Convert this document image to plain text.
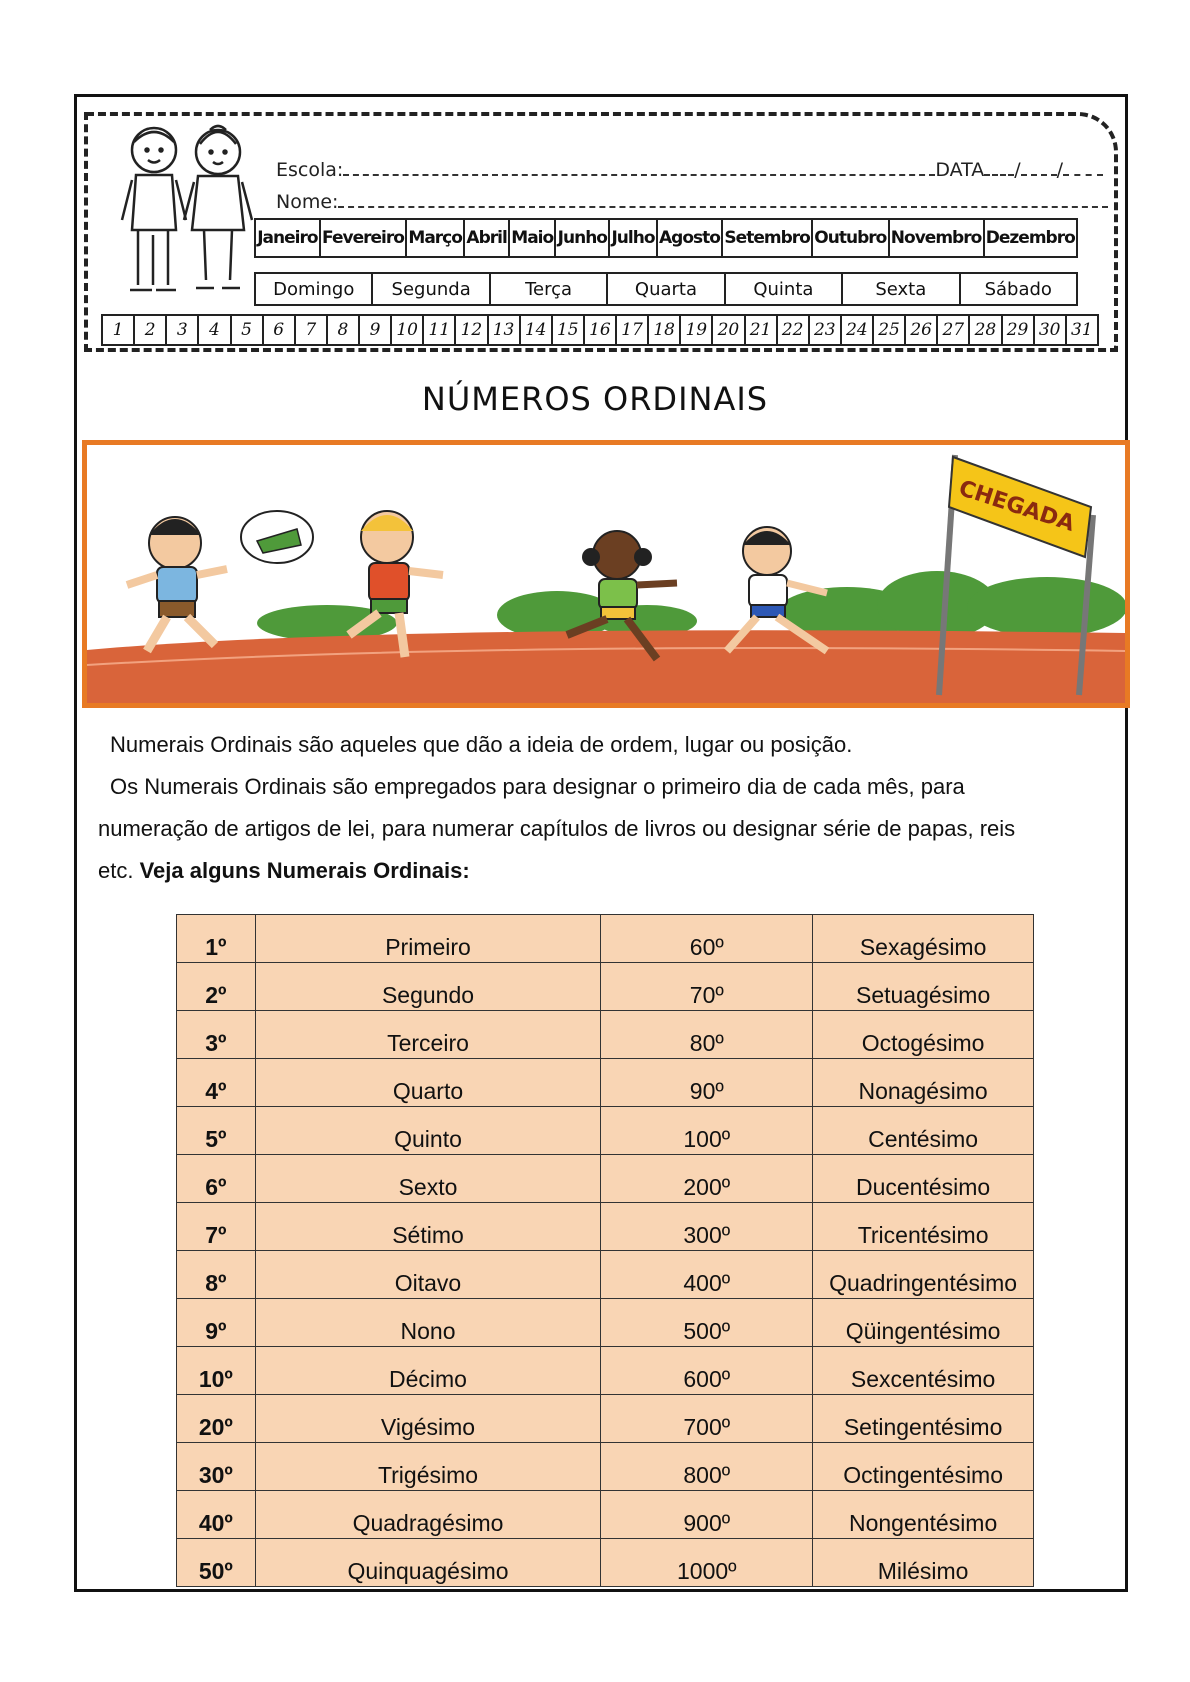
Escola:	DATA / /
Nome:
Janeiro Fevereiro Março Abril Maio Junho Julho Agosto Setembro Outubro Novembro Dezembro
Domingo	Segunda	Terça	Quarta	Quinta	Sexta	Sábado
1	2	3	4	5	6	7	8	9 10 11 12 13 14 15 16 17 18 19 20 21 22 23 24 25 26 27 28 29 30 31
NÚMEROS ORDINAIS
CHEGADA
Numerais Ordinais são aqueles que dão a ideia de ordem, lugar ou posição.
Os Numerais Ordinais são empregados para designar o primeiro dia de cada mês, para
numeração de artigos de lei, para numerar capítulos de livros ou designar série de papas, reis
etc. Veja alguns Numerais Ordinais:
1º	Primeiro	60º	Sexagésimo
2º	Segundo	70º	Setuagésimo
3º	Terceiro	80º	Octogésimo
4º	Quarto	90º	Nonagésimo
5º	Quinto	100º	Centésimo
6º	Sexto	200º	Ducentésimo
7º	Sétimo	300º	Tricentésimo
8º	Oitavo	400º	Quadringentésimo
9º	Nono	500º	Qüingentésimo
10º	Décimo	600º	Sexcentésimo
20º	Vigésimo	700º	Setingentésimo
30º	Trigésimo	800º	Octingentésimo
40º	Quadragésimo	900º	Nongentésimo
50º	Quinquagésimo	1000º	Milésimo
